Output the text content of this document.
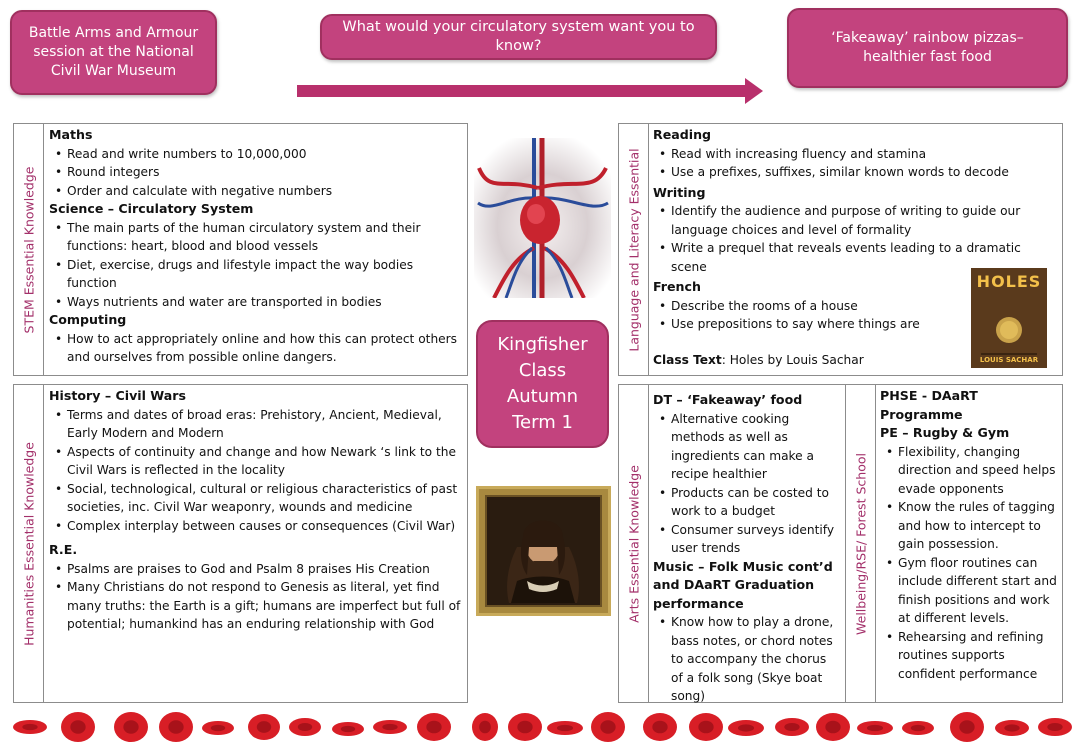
Battle Arms and Armour session at the National Civil War Museum
What would your circulatory system want you to know?	‘Fakeaway’ rainbow pizzas– healthier fast food
STEM Essential Knowledge
Maths
• Read and write numbers to 10,000,000
• Round integers
• Order and calculate with negative numbers
Science – Circulatory System
• The main parts of the human circulatory system and their functions: heart, blood and blood vessels
• Diet, exercise, drugs and lifestyle impact the way bodies function
• Ways nutrients and water are transported in bodies
Computing
• How to act appropriately online and how this can protect others and ourselves from possible online dangers.
Language and Literacy Essential
Reading
• Read with increasing fluency and stamina
• Use a prefixes, suffixes, similar known words to decode
Writing
• Identify the audience and purpose of writing to guide our language choices and level of formality
• Write a prequel that reveals events leading to a dramatic scene
French
• Describe the rooms of a house
• Use prepositions to say where things are

Class Text: Holes by Louis Sachar

Humanities Essential Knowledge
History – Civil Wars
• Terms and dates of broad eras: Prehistory, Ancient, Medieval, Early Modern and Modern
• Aspects of continuity and change and how Newark ‘s link to the Civil Wars is reflected in the locality
• Social, technological, cultural or religious characteristics of past societies, inc. Civil War weaponry, wounds and medicine
• Complex interplay between causes or consequences (Civil War)
R.E.
• Psalms are praises to God and Psalm 8 praises His Creation
• Many Christians do not respond to Genesis as literal, yet find many truths: the Earth is a gift; humans are imperfect but full of potential; humankind has an enduring relationship with God
Arts Essential Knowledge
DT – ‘Fakeaway’ food
• Alternative cooking methods as well as ingredients can make a recipe healthier
• Products can be costed to work to a budget
• Consumer surveys identify user trends
Music – Folk Music cont’d and DAaRT Graduation performance
• Know how to play a drone, bass notes, or chord notes to accompany the chorus of a folk song (Skye boat song)
Wellbeing/RSE/ Forest School
PHSE - DAaRT Programme
PE – Rugby & Gym
• Flexibility, changing direction and speed helps evade opponents
• Know the rules of tagging and how to intercept to gain possession.
• Gym floor routines can include different start and finish positions and work at different levels.
• Rehearsing and refining routines supports confident performance
Kingfisher
Class
Autumn
Term 1
HOLES
LOUIS SACHAR
